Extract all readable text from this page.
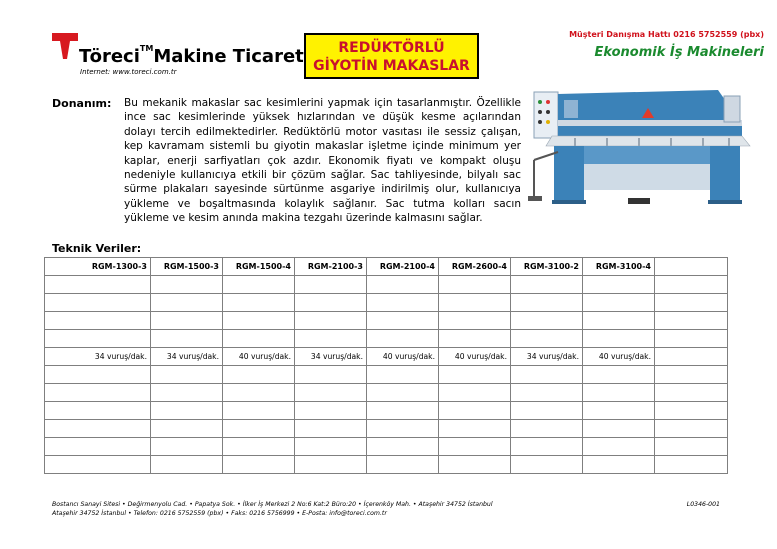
Töreci™Makine Ticaret
Internet: www.toreci.com.tr
REDÜKTÖRLÜ
GİYOTİN MAKASLAR
Müşteri Danışma Hattı 0216 5752559 (pbx)
Ekonomik İş Makineleri
Donanım: Bu mekanik makaslar sac kesimlerini yapmak için tasarlanmıştır. Özellikle ince sac kesimlerinde yüksek hızlarından ve düşük kesme açılarından dolayı tercih edilmektedirler. Redüktörlü motor vasıtası ile sessiz çalışan, kep kavramam sistemli bu giyotin makaslar işletme içinde minimum yer kaplar, enerji sarfiyatları çok azdır. Ekonomik fiyatı ve kompakt oluşu nedeniyle kullanıcıya etkili bir çözüm sağlar. Sac tahliyesinde, bilyalı sac sürme plakaları sayesinde sürtünme asgariye indirilmiş olur, kullanıcıya yükleme ve boşaltmasında kolaylık sağlanır. Sac tutma kolları sacın yükleme ve kesim anında makina tezgahı üzerinde kalmasını sağlar.
Teknik Veriler:
RGM-1300-3	RGM-1500-3	RGM-1500-4	RGM-2100-3	RGM-2100-4	RGM-2600-4	RGM-3100-2	RGM-3100-4	

34 vuruş/dak.	34 vuruş/dak.	40 vuruş/dak.	34 vuruş/dak.	40 vuruş/dak.	40 vuruş/dak.	34 vuruş/dak.	40 vuruş/dak.	

Bostancı Sanayi Sitesi • Değirmenyolu Cad. • Papatya Sok. • İlker İş Merkezi 2 No:6 Kat:2 Büro:20 • İçerenköy Mah. • Ataşehir 34752 İstanbul
Ataşehir 34752 İstanbul • Telefon: 0216 5752559 (pbx) • Faks: 0216 5756999 • E-Posta: info@toreci.com.tr
L0346-001
